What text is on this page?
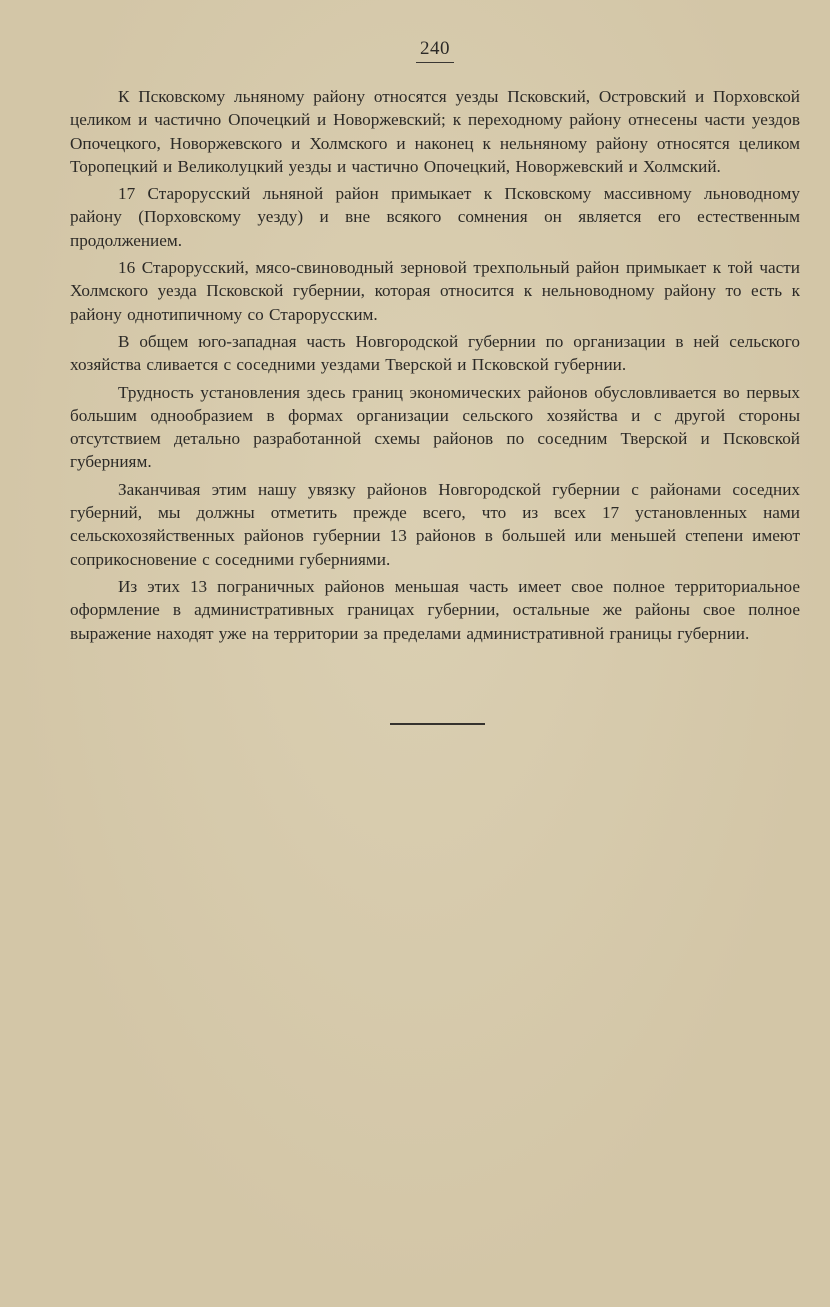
240

К Псковскому льняному району относятся уезды Псковский, Островский и Порховской целиком и частично Опочецкий и Новоржевский; к переходному району отнесены части уездов Опочецкого, Новоржевского и Холмского и наконец к нельняному району относятся целиком Торопецкий и Великолуцкий уезды и частично Опочецкий, Новоржевский и Холмский.

17 Старорусский льняной район примыкает к Псковскому массивному льноводному району (Порховскому уезду) и вне всякого сомнения он является его естественным продолжением.

16 Старорусский, мясо-свиноводный зерновой трехпольный район примыкает к той части Холмского уезда Псковской губернии, которая относится к нельноводному району то есть к району однотипичному со Старорусским.

В общем юго-западная часть Новгородской губернии по организации в ней сельского хозяйства сливается с соседними уездами Тверской и Псковской губернии.

Трудность установления здесь границ экономических районов обусловливается во первых большим однообразием в формах организации сельского хозяйства и с другой стороны отсутствием детально разработанной схемы районов по соседним Тверской и Псковской губерниям.

Заканчивая этим нашу увязку районов Новгородской губернии с районами соседних губерний, мы должны отметить прежде всего, что из всех 17 установленных нами сельскохозяйственных районов губернии 13 районов в большей или меньшей степени имеют соприкосновение с соседними губерниями.

Из этих 13 пограничных районов меньшая часть имеет свое полное территориальное оформление в административных границах губернии, остальные же районы свое полное выражение находят уже на территории за пределами административной границы губернии.
